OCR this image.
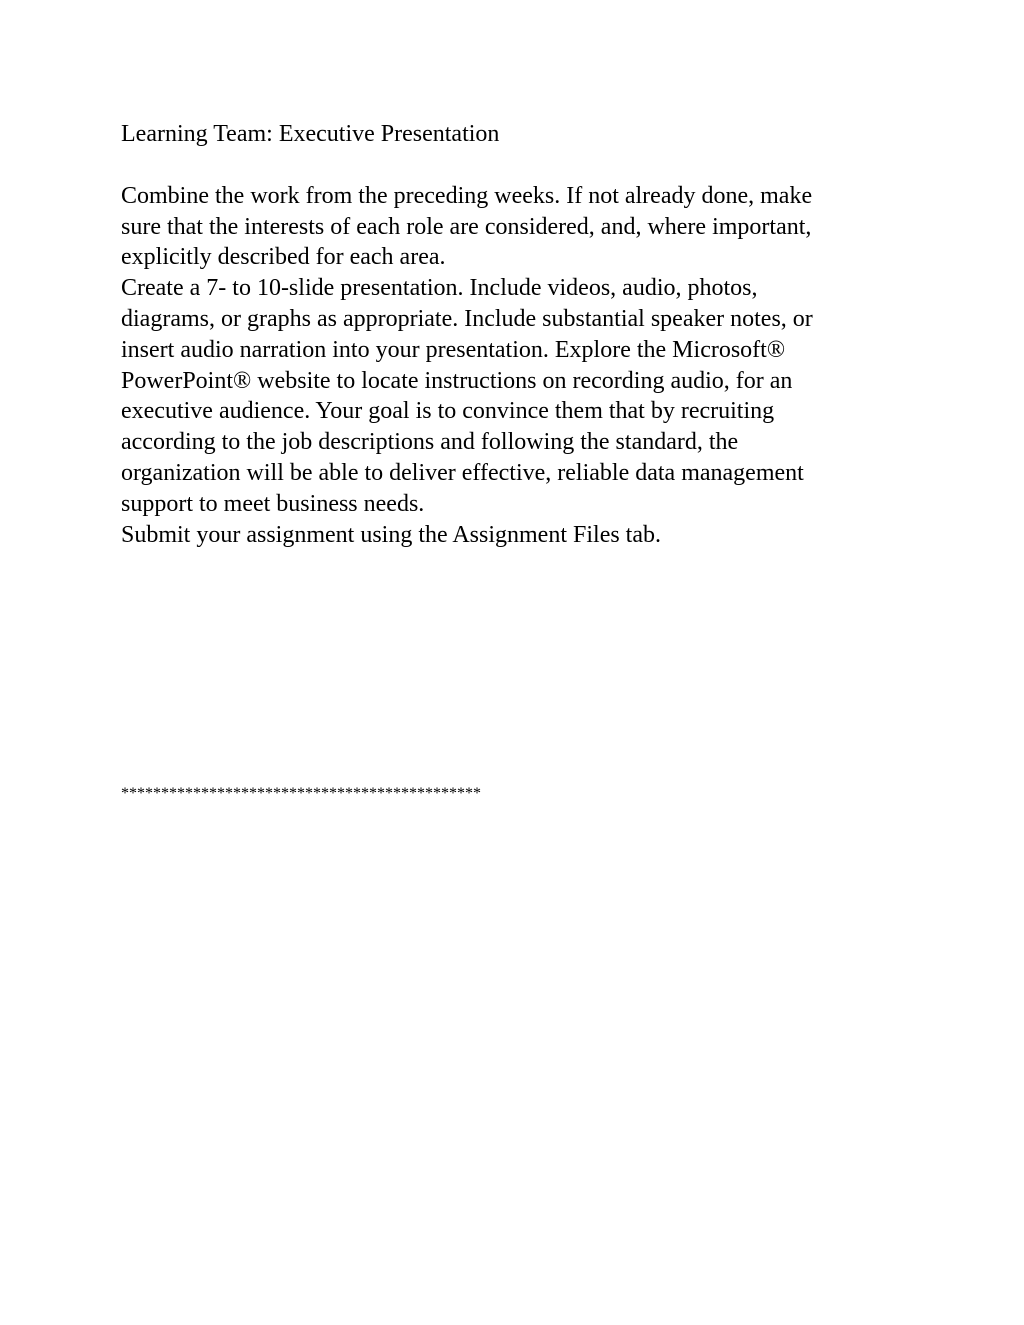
Learning Team: Executive Presentation

Combine the work from the preceding weeks. If not already done, make
sure that the interests of each role are considered, and, where important,
explicitly described for each area.

Create a 7- to 10-slide presentation. Include videos, audio, photos,
diagrams, or graphs as appropriate. Include substantial speaker notes, or
insert audio narration into your presentation. Explore the Microsoft®
PowerPoint® website to locate instructions on recording audio, for an
executive audience. Your goal is to convince them that by recruiting
according to the job descriptions and following the standard, the
organization will be able to deliver effective, reliable data management
support to meet business needs.

Submit your assignment using the Assignment Files tab.

*********************************************
